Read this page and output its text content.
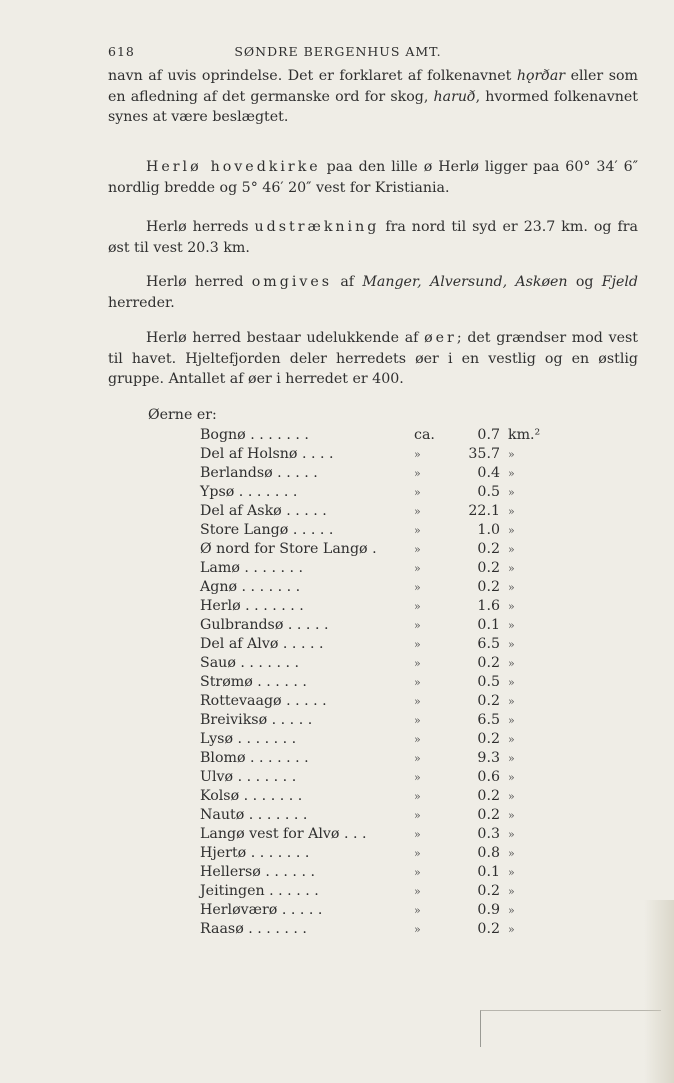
618	SØNDRE BERGENHUS AMT.

navn af uvis oprindelse. Det er forklaret af folkenavnet hǫrðar eller som en afledning af det germanske ord for skog, haruð, hvormed folkenavnet synes at være beslægtet.

Herlø hovedkirke paa den lille ø Herlø ligger paa 60° 34′ 6″ nordlig bredde og 5° 46′ 20″ vest for Kristiania.

Herlø herreds udstrækning fra nord til syd er 23.7 km. og fra øst til vest 20.3 km.

Herlø herred omgives af Manger, Alversund, Askøen og Fjeld herreder.

Herlø herred bestaar udelukkende af øer; det grændser mod vest til havet. Hjeltefjorden deler herredets øer i en vestlig og en østlig gruppe. Antallet af øer i herredet er 400.

Øerne er:
Bognø . . . . . . .	ca.	0.7	km.²
Del af Holsnø . . . .	»	35.7	»
Berlandsø . . . . .	»	0.4	»
Ypsø . . . . . . .	»	0.5	»
Del af Askø . . . . .	»	22.1	»
Store Langø . . . . .	»	1.0	»
Ø nord for Store Langø .	»	0.2	»
Lamø . . . . . . .	»	0.2	»
Agnø . . . . . . .	»	0.2	»
Herlø . . . . . . .	»	1.6	»
Gulbrandsø . . . . .	»	0.1	»
Del af Alvø . . . . .	»	6.5	»
Sauø . . . . . . .	»	0.2	»
Strømø . . . . . .	»	0.5	»
Rottevaagø . . . . .	»	0.2	»
Breiviksø . . . . .	»	6.5	»
Lysø . . . . . . .	»	0.2	»
Blomø . . . . . . .	»	9.3	»
Ulvø . . . . . . .	»	0.6	»
Kolsø . . . . . . .	»	0.2	»
Nautø . . . . . . .	»	0.2	»
Langø vest for Alvø . . .	»	0.3	»
Hjertø . . . . . . .	»	0.8	»
Hellersø . . . . . .	»	0.1	»
Jeitingen . . . . . .	»	0.2	»
Herløværø . . . . .	»	0.9	»
Raasø . . . . . . .	»	0.2	»
